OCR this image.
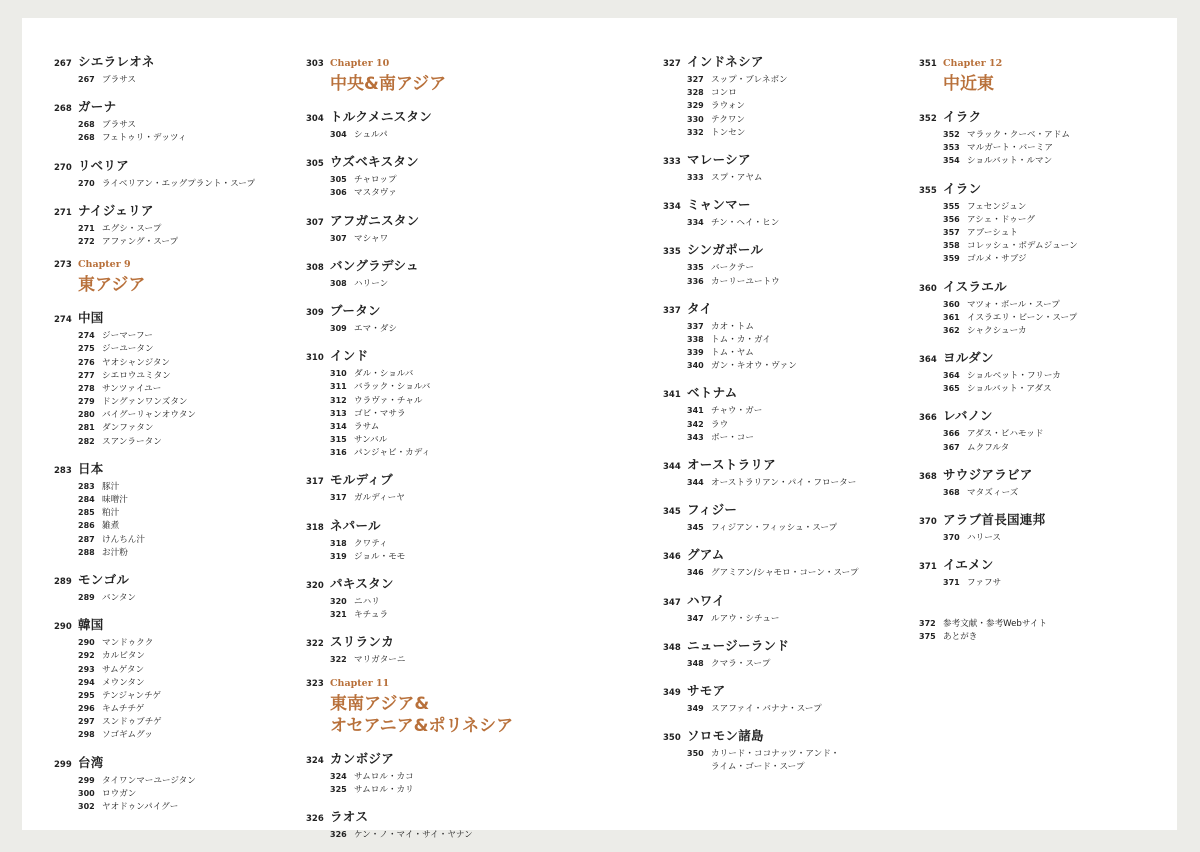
267 シエラレオネ
267 ブラサス
268 ガーナ
268 ブラサス
268 フェトゥリ・デッツィ
270 リベリア
270 ライベリアン・エッグプラント・スープ
271 ナイジェリア
271 エグシ・スープ
272 アファング・スープ
273 Chapter 9
東アジア
274 中国
274 ジーマーフー
275 ジーユータン
276 ヤオシャンジタン
277 シエロウユミタン
278 サンツァイユー
279 ドングァンワンズタン
280 バイグーリャンオウタン
281 ダンファタン
282 スアンラータン
283 日本
283 豚汁
284 味噌汁
285 粕汁
286 雑煮
287 けんちん汁
288 お汁粉
289 モンゴル
289 バンタン
290 韓国
290 マンドゥクク
292 カルビタン
293 サムゲタン
294 メウンタン
295 テンジャンチゲ
296 キムチチゲ
297 スンドゥブチゲ
298 ソゴギムグッ
299 台湾
299 タイワンマーユージタン
300 ロウガン
302 ヤオドゥンパイグー
303 Chapter 10
中央&南アジア
304 トルクメニスタン
304 シュルパ
305 ウズベキスタン
305 チャロップ
306 マスタヴァ
307 アフガニスタン
307 マシャワ
308 バングラデシュ
308 ハリーン
309 ブータン
309 エマ・ダシ
310 インド
310 ダル・ショルバ
311 バラック・ショルバ
312 ウラヴァ・チャル
313 ゴビ・マサラ
314 ラサム
315 サンバル
316 パンジャビ・カディ
317 モルディブ
317 ガルディーヤ
318 ネパール
318 クワティ
319 ジョル・モモ
320 パキスタン
320 ニハリ
321 キチュラ
322 スリランカ
322 マリガターニ
323 Chapter 11
東南アジア&
オセアニア&ポリネシア
324 カンボジア
324 サムロル・カコ
325 サムロル・カリ
326 ラオス
326 ケン・ノ・マイ・サイ・ヤナン
327 インドネシア
327 スップ・ブレネボン
328 コンロ
329 ラウォン
330 テクワン
332 トンセン
333 マレーシア
333 スプ・アヤム
334 ミャンマー
334 チン・ヘイ・ヒン
335 シンガポール
335 バークテー
336 カーリーユートウ
337 タイ
337 カオ・トム
338 トム・カ・ガイ
339 トム・ヤム
340 ガン・キオウ・ヴァン
341 ベトナム
341 チャウ・ガー
342 ラウ
343 ボー・コー
344 オーストラリア
344 オーストラリアン・パイ・フローター
345 フィジー
345 フィジアン・フィッシュ・スープ
346 グアム
346 グアミアン/シャモロ・コーン・スープ
347 ハワイ
347 ルアウ・シチュー
348 ニュージーランド
348 クマラ・スープ
349 サモア
349 スアファイ・バナナ・スープ
350 ソロモン諸島
350 カリード・ココナッツ・アンド・
ライム・ゴード・スープ
351 Chapter 12
中近東
352 イラク
352 マラック・クーベ・アドム
353 マルガート・バーミア
354 ショルバット・ルマン
355 イラン
355 フェセンジュン
356 アシェ・ドゥーグ
357 アブーシュト
358 コレッシュ・ボデムジューン
359 ゴルメ・サブジ
360 イスラエル
360 マツォ・ボール・スープ
361 イスラエリ・ビーン・スープ
362 シャクシューカ
364 ヨルダン
364 ショルベット・フリーカ
365 ショルバット・アダス
366 レバノン
366 アダス・ビハモッド
367 ムクフルタ
368 サウジアラビア
368 マタズィーズ
370 アラブ首長国連邦
370 ハリース
371 イエメン
371 ファフサ
372 参考文献・参考Webサイト
375 あとがき
